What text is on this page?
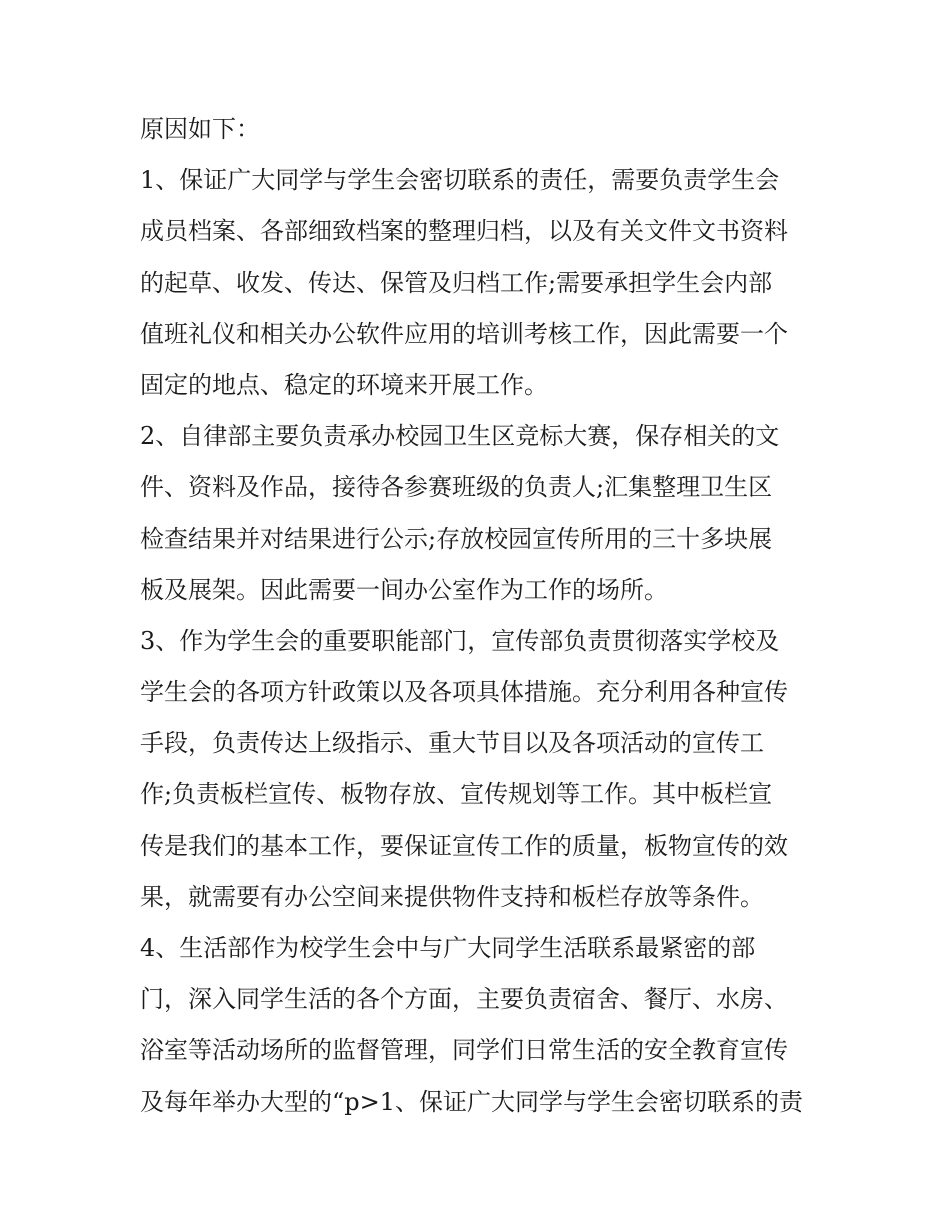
原因如下：
1、保证广大同学与学生会密切联系的责任，需要负责学生会
成员档案、各部细致档案的整理归档，以及有关文件文书资料
的起草、收发、传达、保管及归档工作;需要承担学生会内部
值班礼仪和相关办公软件应用的培训考核工作，因此需要一个
固定的地点、稳定的环境来开展工作。
2、自律部主要负责承办校园卫生区竞标大赛，保存相关的文
件、资料及作品，接待各参赛班级的负责人;汇集整理卫生区
检查结果并对结果进行公示;存放校园宣传所用的三十多块展
板及展架。因此需要一间办公室作为工作的场所。
3、作为学生会的重要职能部门，宣传部负责贯彻落实学校及
学生会的各项方针政策以及各项具体措施。充分利用各种宣传
手段，负责传达上级指示、重大节目以及各项活动的宣传工
作;负责板栏宣传、板物存放、宣传规划等工作。其中板栏宣
传是我们的基本工作，要保证宣传工作的质量，板物宣传的效
果，就需要有办公空间来提供物件支持和板栏存放等条件。
4、生活部作为校学生会中与广大同学生活联系最紧密的部
门，深入同学生活的各个方面，主要负责宿舍、餐厅、水房、
浴室等活动场所的监督管理，同学们日常生活的安全教育宣传
及每年举办大型的“p>1、保证广大同学与学生会密切联系的责
